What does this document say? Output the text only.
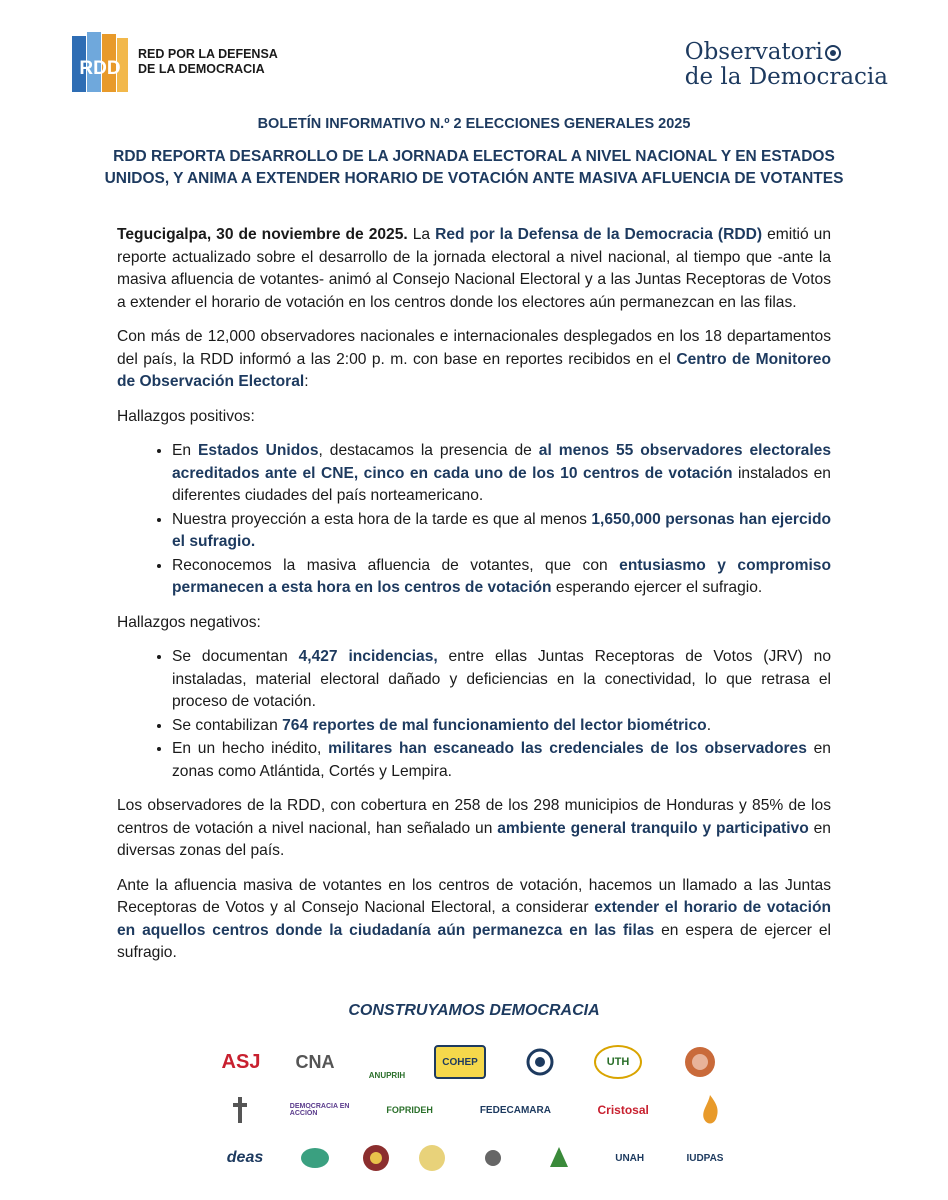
RDD
RED POR LA DEFENSA
DE LA DEMOCRACIA
Observatori
de la Democracia
BOLETÍN INFORMATIVO N.º 2 ELECCIONES GENERALES 2025
RDD REPORTA DESARROLLO DE LA JORNADA ELECTORAL A NIVEL NACIONAL Y EN ESTADOS UNIDOS, Y ANIMA A EXTENDER HORARIO DE VOTACIÓN ANTE MASIVA AFLUENCIA DE VOTANTES

Tegucigalpa, 30 de noviembre de 2025. La Red por la Defensa de la Democracia (RDD) emitió un reporte actualizado sobre el desarrollo de la jornada electoral a nivel nacional, al tiempo que -ante la masiva afluencia de votantes- animó al Consejo Nacional Electoral y a las Juntas Receptoras de Votos a extender el horario de votación en los centros donde los electores aún permanezcan en las filas.

Con más de 12,000 observadores nacionales e internacionales desplegados en los 18 departamentos del país, la RDD informó a las 2:00 p. m. con base en reportes recibidos en el Centro de Monitoreo de Observación Electoral:

Hallazgos positivos:

• En Estados Unidos, destacamos la presencia de al menos 55 observadores electorales acreditados ante el CNE, cinco en cada uno de los 10 centros de votación instalados en diferentes ciudades del país norteamericano.
• Nuestra proyección a esta hora de la tarde es que al menos 1,650,000 personas han ejercido el sufragio.
• Reconocemos la masiva afluencia de votantes, que con entusiasmo y compromiso permanecen a esta hora en los centros de votación esperando ejercer el sufragio.

Hallazgos negativos:

• Se documentan 4,427 incidencias, entre ellas Juntas Receptoras de Votos (JRV) no instaladas, material electoral dañado y deficiencias en la conectividad, lo que retrasa el proceso de votación.
• Se contabilizan 764 reportes de mal funcionamiento del lector biométrico.
• En un hecho inédito, militares han escaneado las credenciales de los observadores en zonas como Atlántida, Cortés y Lempira.

Los observadores de la RDD, con cobertura en 258 de los 298 municipios de Honduras y 85% de los centros de votación a nivel nacional, han señalado un ambiente general tranquilo y participativo en diversas zonas del país.

Ante la afluencia masiva de votantes en los centros de votación, hacemos un llamado a las Juntas Receptoras de Votos y al Consejo Nacional Electoral, a considerar extender el horario de votación en aquellos centros donde la ciudadanía aún permanezca en las filas en espera de ejercer el sufragio.

CONSTRUYAMOS DEMOCRACIA
ASJ	CNA
ANUPRIH
COHEP	UTH
DEMOCRACIA EN ACCIÓN	FOPRIDEH	FEDECAMARA	Cristosal
deas	UNAH	IUDPAS
